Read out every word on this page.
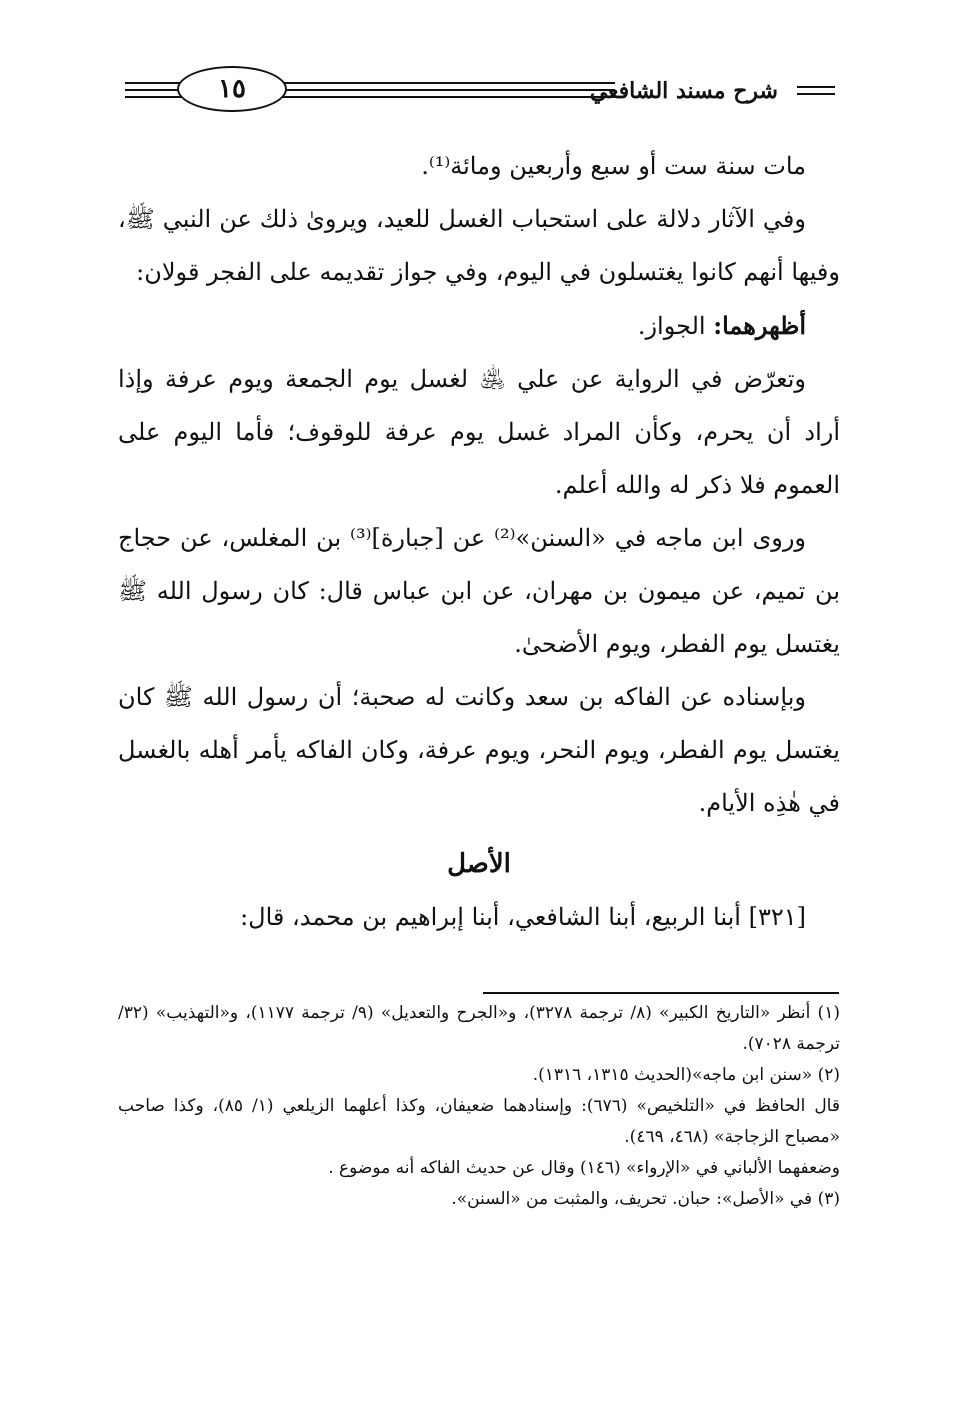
١٥	شرح مسند الشافعي

مات سنة ست أو سبع وأربعين ومائة⁽¹⁾.

وفي الآثار دلالة على استحباب الغسل للعيد، ويروىٰ ذلك عن النبي ﷺ، وفيها أنهم كانوا يغتسلون في اليوم، وفي جواز تقديمه على الفجر قولان:

أظهرهما: الجواز.

وتعرّض في الرواية عن علي ﵁ لغسل يوم الجمعة ويوم عرفة وإذا أراد أن يحرم، وكأن المراد غسل يوم عرفة للوقوف؛ فأما اليوم على العموم فلا ذكر له والله أعلم.

وروى ابن ماجه في «السنن»⁽²⁾ عن [جبارة]⁽³⁾ بن المغلس، عن حجاج بن تميم، عن ميمون بن مهران، عن ابن عباس قال: كان رسول الله ﷺ يغتسل يوم الفطر، ويوم الأضحىٰ.

وبإسناده عن الفاكه بن سعد وكانت له صحبة؛ أن رسول الله ﷺ كان يغتسل يوم الفطر، ويوم النحر، ويوم عرفة، وكان الفاكه يأمر أهله بالغسل في هٰذِه الأيام.

الأصل

[٣٢١] أبنا الربيع، أبنا الشافعي، أبنا إبراهيم بن محمد، قال:

(١) أنظر «التاريخ الكبير» (٨/ ترجمة ٣٢٧٨)، و«الجرح والتعديل» (٩/ ترجمة ١١٧٧)، و«التهذيب» (٣٢/ ترجمة ٧٠٢٨).

(٢) «سنن ابن ماجه»(الحديث ١٣١٥، ١٣١٦).

قال الحافظ في «التلخيص» (٦٧٦): وإسنادهما ضعيفان، وكذا أعلهما الزيلعي (١/ ٨٥)، وكذا صاحب «مصباح الزجاجة» (٤٦٨، ٤٦٩).

وضعفهما الألباني في «الإرواء» (١٤٦) وقال عن حديث الفاكه أنه موضوع .

(٣) في «الأصل»: حبان. تحريف، والمثبت من «السنن».
